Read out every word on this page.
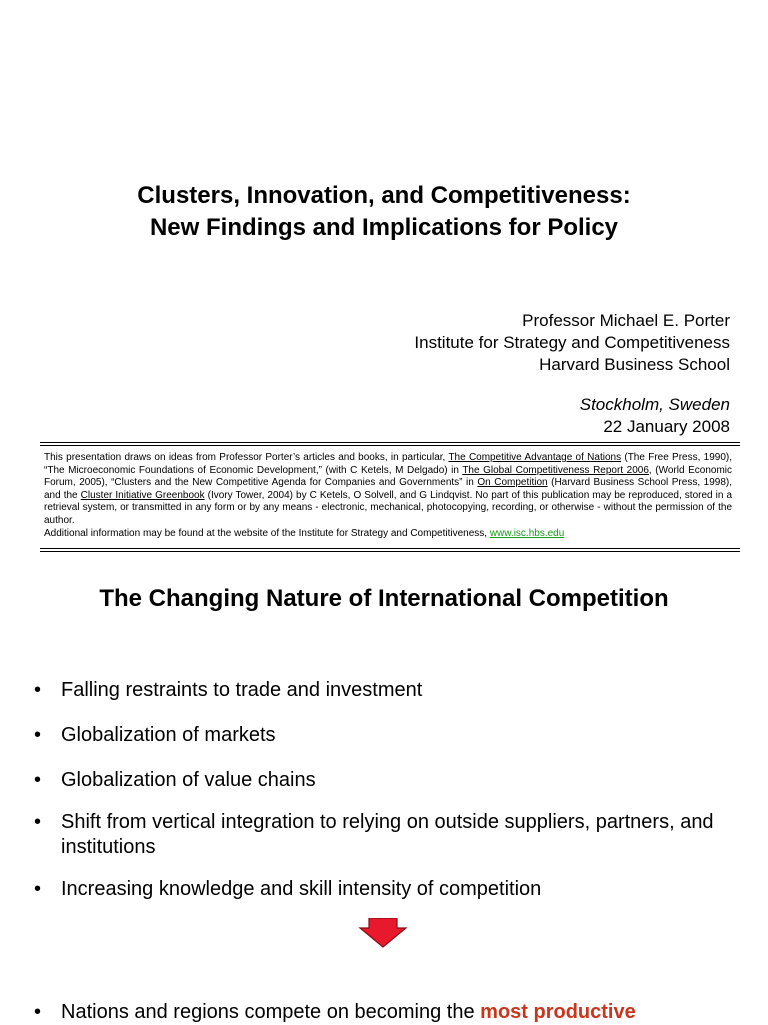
Clusters, Innovation, and Competitiveness:
New Findings and Implications for Policy
Professor Michael E. Porter
Institute for Strategy and Competitiveness
Harvard Business School
Stockholm, Sweden
22 January 2008
This presentation draws on ideas from Professor Porter’s articles and books, in particular, The Competitive Advantage of Nations (The Free Press, 1990), “The Microeconomic Foundations of Economic Development,” (with C Ketels, M Delgado) in The Global Competitiveness Report 2006, (World Economic Forum, 2005), “Clusters and the New Competitive Agenda for Companies and Governments” in On Competition (Harvard Business School Press, 1998), and the Cluster Initiative Greenbook (Ivory Tower, 2004) by C Ketels, O Solvell, and G Lindqvist. No part of this publication may be reproduced, stored in a retrieval system, or transmitted in any form or by any means - electronic, mechanical, photocopying, recording, or otherwise - without the permission of the author.
Additional information may be found at the website of the Institute for Strategy and Competitiveness, www.isc.hbs.edu
The Changing Nature of International Competition
• Falling restraints to trade and investment
• Globalization of markets
• Globalization of value chains
• Shift from vertical integration to relying on outside suppliers, partners, and institutions
• Increasing knowledge and skill intensity of competition
• Nations and regions compete on becoming the most productive
